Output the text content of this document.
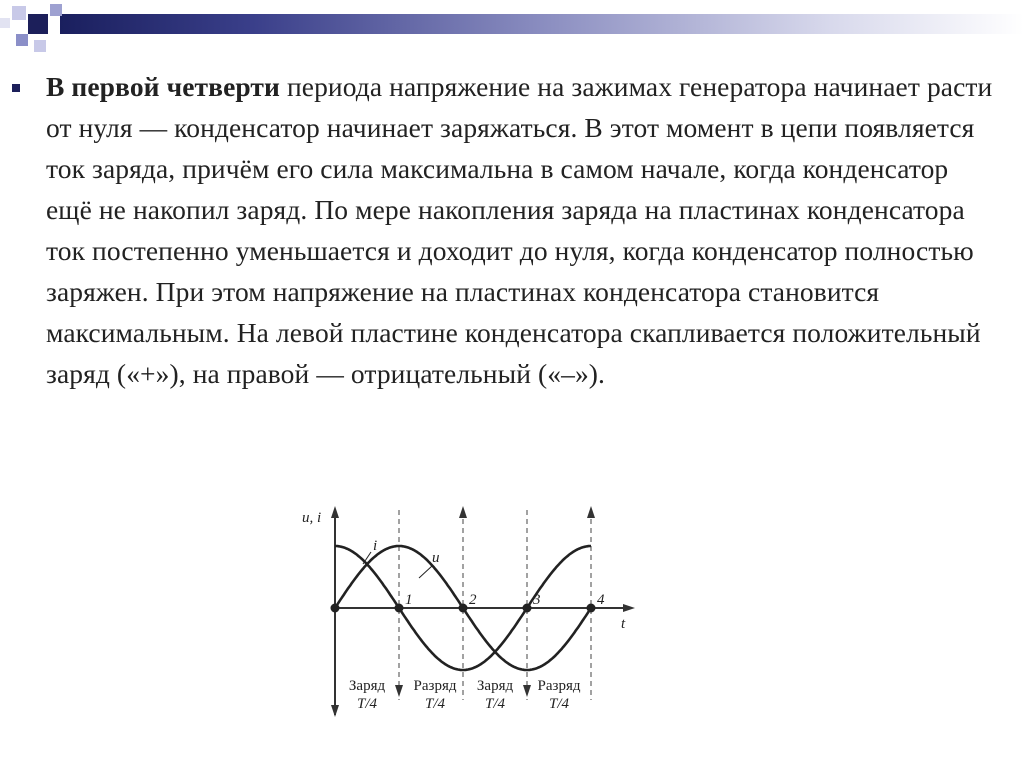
В первой четверти периода напряжение на зажимах генератора начинает расти от нуля — конденсатор начинает заряжаться. В этот момент в цепи появляется ток заряда, причём его сила максимальна в самом начале, когда конденсатор ещё не накопил заряд. По мере накопления заряда на пластинах конденсатора ток постепенно уменьшается и доходит до нуля, когда конденсатор полностью заряжен. При этом напряжение на пластинах конденсатора становится максимальным. На левой пластине конденсатора скапливается положительный заряд («+»), на правой — отрицательный («–»).
i
u
u, i
t
1	2	3	4
Заряд
T/4
Разряд
T/4
Заряд
T/4
Разряд
T/4
